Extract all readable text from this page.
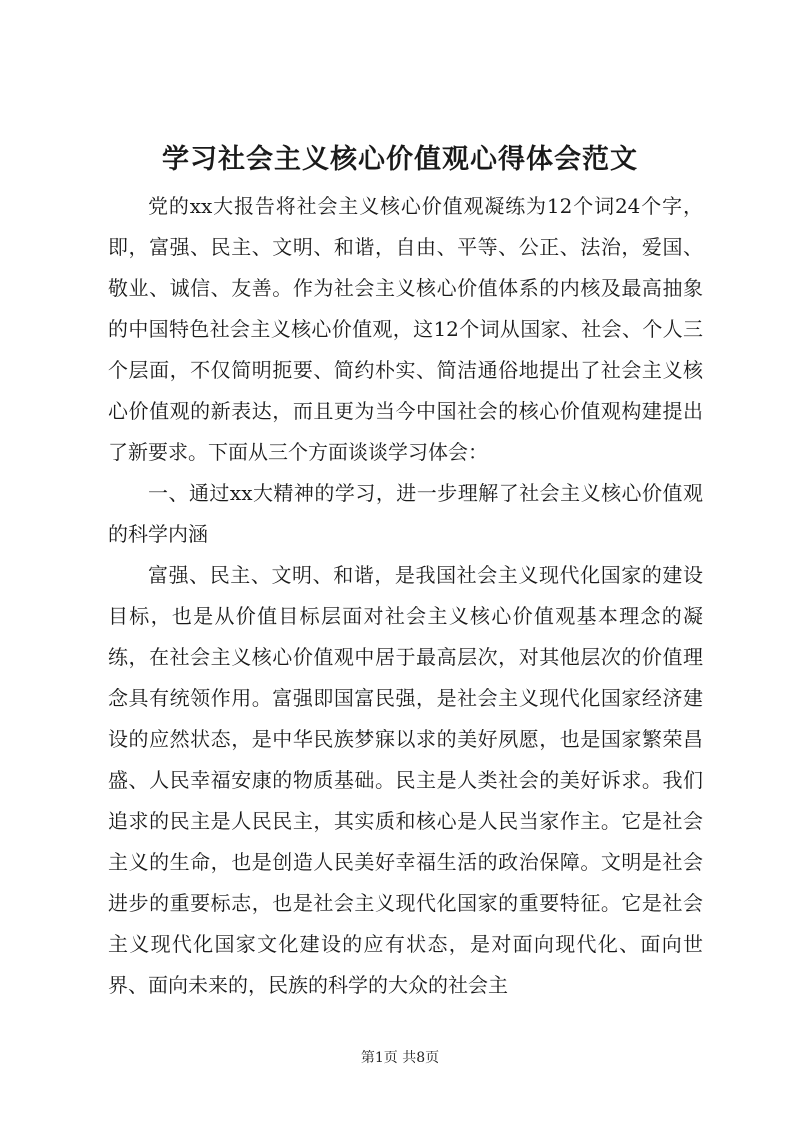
学习社会主义核心价值观心得体会范文

党的xx大报告将社会主义核心价值观凝练为12个词24个字，即，富强、民主、文明、和谐，自由、平等、公正、法治，爱国、敬业、诚信、友善。作为社会主义核心价值体系的内核及最高抽象的中国特色社会主义核心价值观，这12个词从国家、社会、个人三个层面，不仅简明扼要、简约朴实、简洁通俗地提出了社会主义核心价值观的新表达，而且更为当今中国社会的核心价值观构建提出了新要求。下面从三个方面谈谈学习体会：

一、通过xx大精神的学习，进一步理解了社会主义核心价值观的科学内涵

富强、民主、文明、和谐，是我国社会主义现代化国家的建设目标，也是从价值目标层面对社会主义核心价值观基本理念的凝练，在社会主义核心价值观中居于最高层次，对其他层次的价值理念具有统领作用。富强即国富民强，是社会主义现代化国家经济建设的应然状态，是中华民族梦寐以求的美好夙愿，也是国家繁荣昌盛、人民幸福安康的物质基础。民主是人类社会的美好诉求。我们追求的民主是人民民主，其实质和核心是人民当家作主。它是社会主义的生命，也是创造人民美好幸福生活的政治保障。文明是社会进步的重要标志，也是社会主义现代化国家的重要特征。它是社会主义现代化国家文化建设的应有状态，是对面向现代化、面向世界、面向未来的，民族的科学的大众的社会主

第1页 共8页
